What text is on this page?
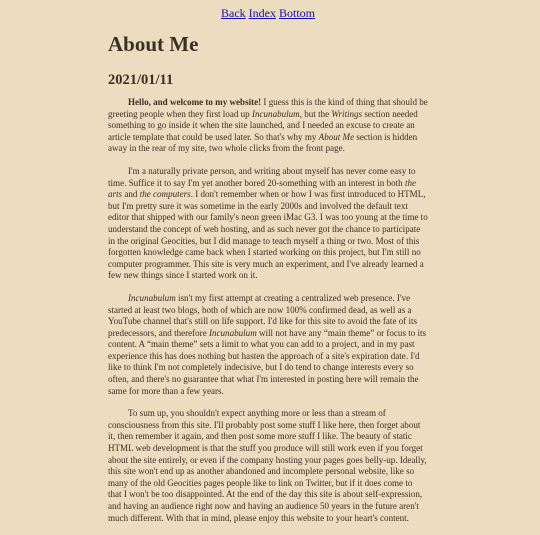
Back Index Bottom
About Me
2021/01/11

Hello, and welcome to my website! I guess this is the kind of thing that should be greeting people when they first load up Incunabulum, but the Writings section needed something to go inside it when the site launched, and I needed an excuse to create an article template that could be used later. So that's why my About Me section is hidden away in the rear of my site, two whole clicks from the front page.

I'm a naturally private person, and writing about myself has never come easy to time. Suffice it to say I'm yet another bored 20-something with an interest in both the arts and the computers. I don't remember when or how I was first introduced to HTML, but I'm pretty sure it was sometime in the early 2000s and involved the default text editor that shipped with our family's neon green iMac G3. I was too young at the time to understand the concept of web hosting, and as such never got the chance to participate in the original Geocities, but I did manage to teach myself a thing or two. Most of this forgotten knowledge came back when I started working on this project, but I'm still no computer programmer. This site is very much an experiment, and I've already learned a few new things since I started work on it.

Incunabulum isn't my first attempt at creating a centralized web presence. I've started at least two blogs, both of which are now 100% confirmed dead, as well as a YouTube channel that's still on life support. I'd like for this site to avoid the fate of its predecessors, and therefore Incunabulum will not have any “main theme” or focus to its content. A “main theme” sets a limit to what you can add to a project, and in my past experience this has does nothing but hasten the approach of a site's expiration date. I'd like to think I'm not completely indecisive, but I do tend to change interests every so often, and there's no guarantee that what I'm interested in posting here will remain the same for more than a few years.

To sum up, you shouldn't expect anything more or less than a stream of consciousness from this site. I'll probably post some stuff I like here, then forget about it, then remember it again, and then post some more stuff I like. The beauty of static HTML web development is that the stuff you produce will still work even if you forget about the site entirely, or even if the company hosting your pages goes belly-up. Ideally, this site won't end up as another abandoned and incomplete personal website, like so many of the old Geocities pages people like to link on Twitter, but if it does come to that I won't be too disappointed. At the end of the day this site is about self-expression, and having an audience right now and having an audience 50 years in the future aren't much different. With that in mind, please enjoy this website to your heart's content.
